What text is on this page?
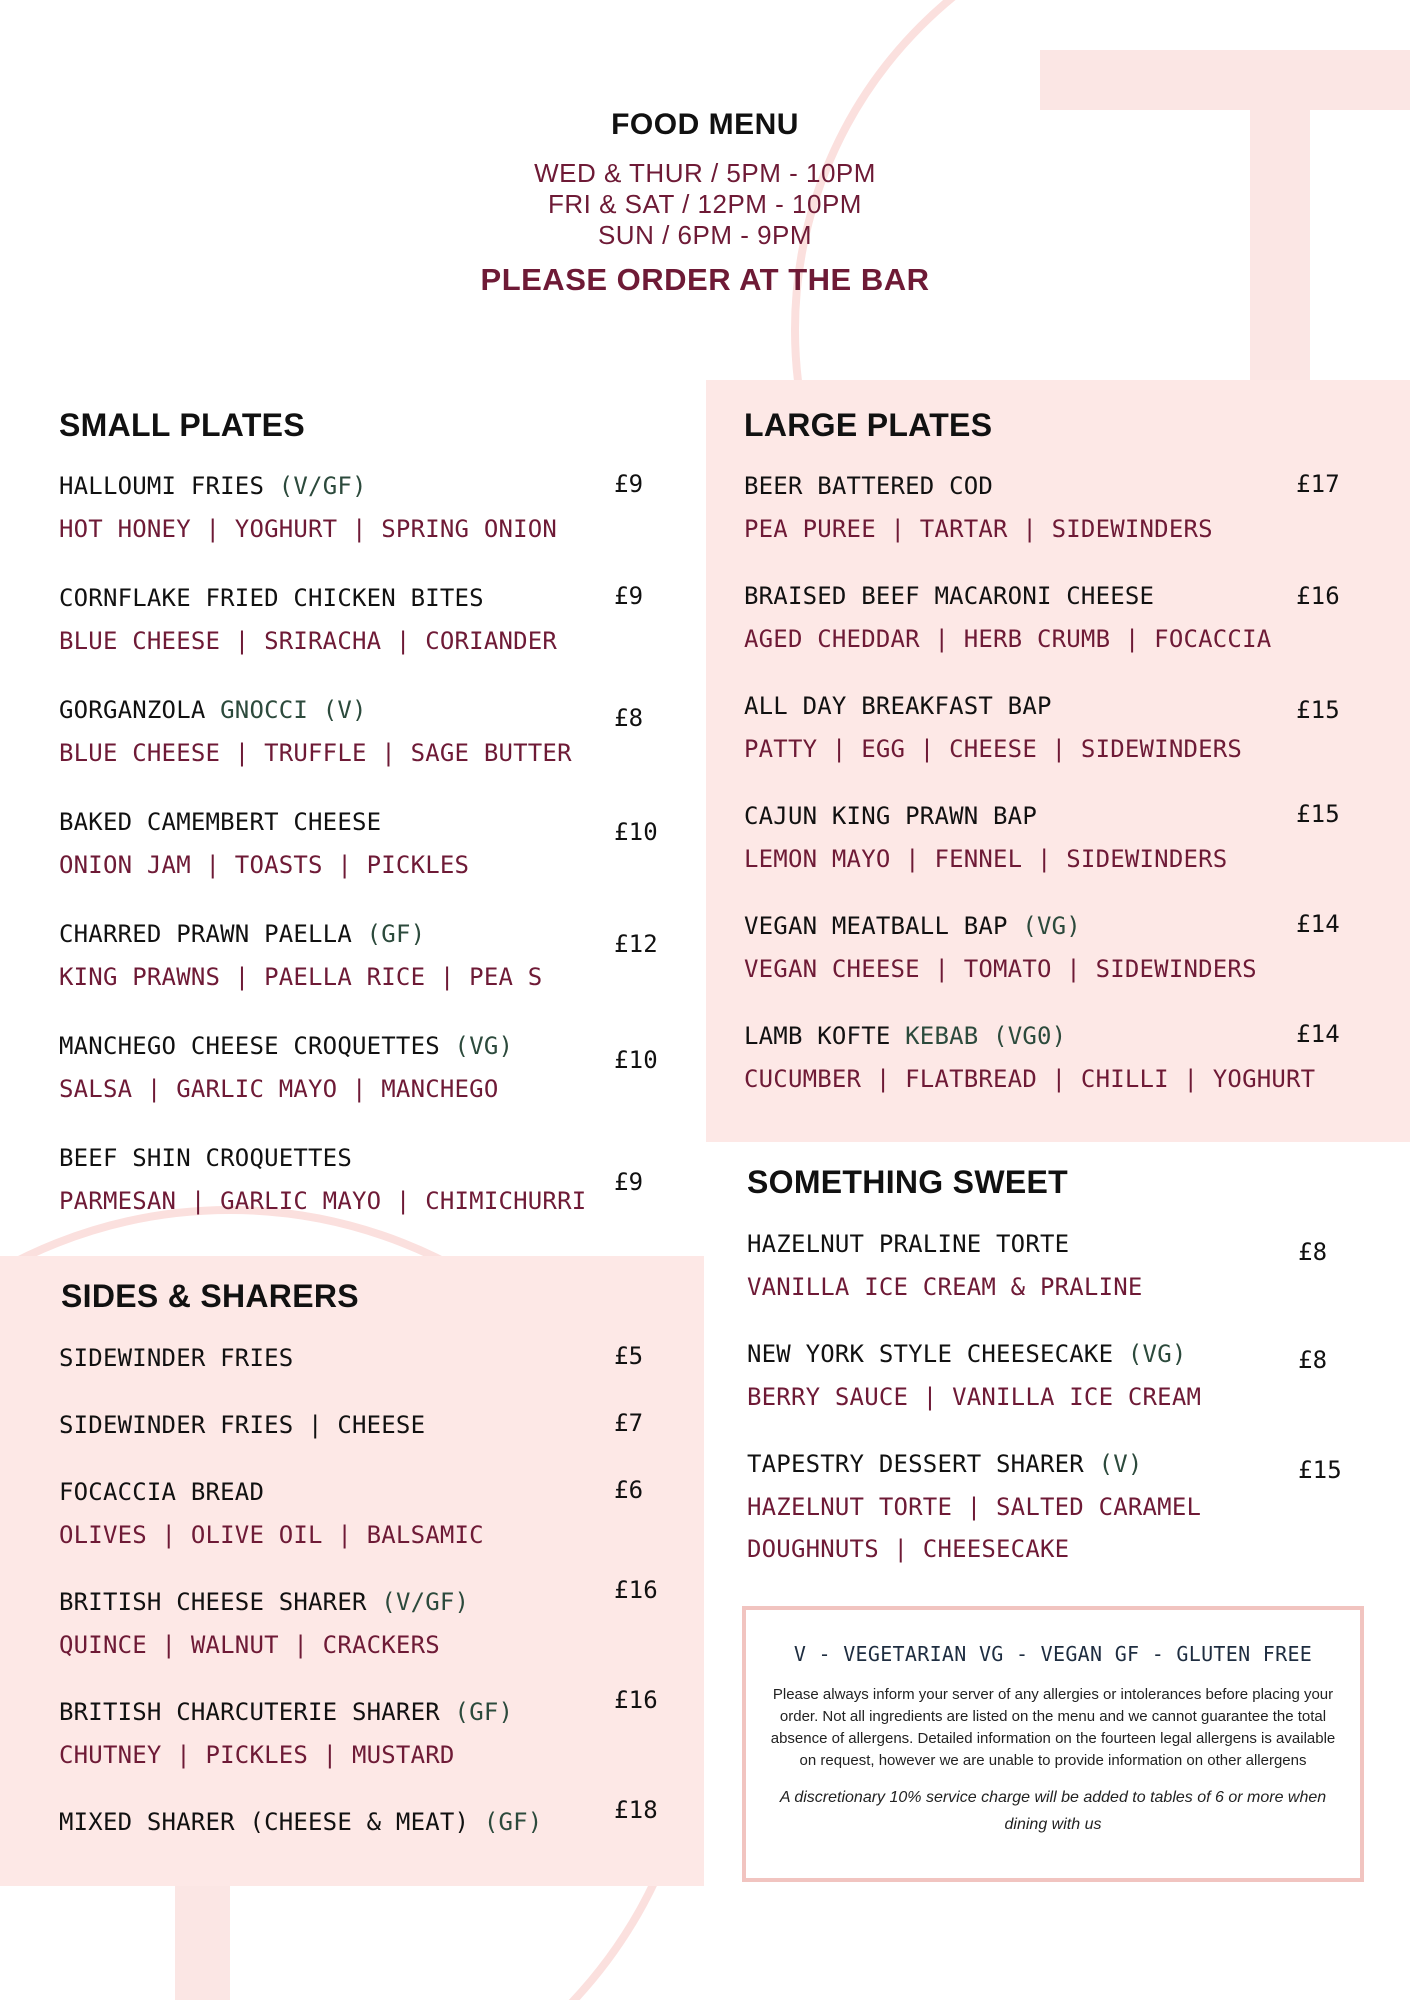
FOOD MENU
WED & THUR / 5PM - 10PM
FRI & SAT / 12PM - 10PM
SUN / 6PM - 9PM
PLEASE ORDER AT THE BAR
SMALL PLATES	LARGE PLATES
SIDES & SHARERS
SOMETHING SWEET
HALLOUMI FRIES (V/GF)
HOT HONEY | YOGHURT | SPRING ONION
£9
CORNFLAKE FRIED CHICKEN BITES
BLUE CHEESE | SRIRACHA | CORIANDER
£9
GORGANZOLA GNOCCI (V)
BLUE CHEESE | TRUFFLE | SAGE BUTTER
£8
BAKED CAMEMBERT CHEESE
ONION JAM | TOASTS | PICKLES
£10
CHARRED PRAWN PAELLA (GF)
KING PRAWNS | PAELLA RICE | PEA S
£12
MANCHEGO CHEESE CROQUETTES (VG)
SALSA | GARLIC MAYO | MANCHEGO
£10
BEEF SHIN CROQUETTES
PARMESAN | GARLIC MAYO | CHIMICHURRI
£9
BEER BATTERED COD
PEA PUREE | TARTAR | SIDEWINDERS
£17
BRAISED BEEF MACARONI CHEESE
AGED CHEDDAR | HERB CRUMB | FOCACCIA
£16
ALL DAY BREAKFAST BAP
PATTY | EGG | CHEESE | SIDEWINDERS
£15
CAJUN KING PRAWN BAP
LEMON MAYO | FENNEL | SIDEWINDERS
£15
VEGAN MEATBALL BAP (VG)
VEGAN CHEESE | TOMATO | SIDEWINDERS
£14
LAMB KOFTE KEBAB (VG0)
CUCUMBER | FLATBREAD | CHILLI | YOGHURT
£14
SIDEWINDER FRIES	£5
SIDEWINDER FRIES | CHEESE	£7
FOCACCIA BREAD
OLIVES | OLIVE OIL | BALSAMIC
£6
BRITISH CHEESE SHARER (V/GF)
QUINCE | WALNUT | CRACKERS
£16
BRITISH CHARCUTERIE SHARER (GF)
CHUTNEY | PICKLES | MUSTARD
£16
MIXED SHARER (CHEESE & MEAT) (GF)	£18
HAZELNUT PRALINE TORTE
VANILLA ICE CREAM & PRALINE
£8
NEW YORK STYLE CHEESECAKE (VG)
BERRY SAUCE | VANILLA ICE CREAM
£8
TAPESTRY DESSERT SHARER (V)
HAZELNUT TORTE | SALTED CARAMEL
DOUGHNUTS | CHEESECAKE
£15
V - VEGETARIAN VG - VEGAN GF - GLUTEN FREE
Please always inform your server of any allergies or intolerances before placing your order. Not all ingredients are listed on the menu and we cannot guarantee the total absence of allergens. Detailed information on the fourteen legal allergens is available on request, however we are unable to provide information on other allergens
A discretionary 10% service charge will be added to tables of 6 or more when dining with us
